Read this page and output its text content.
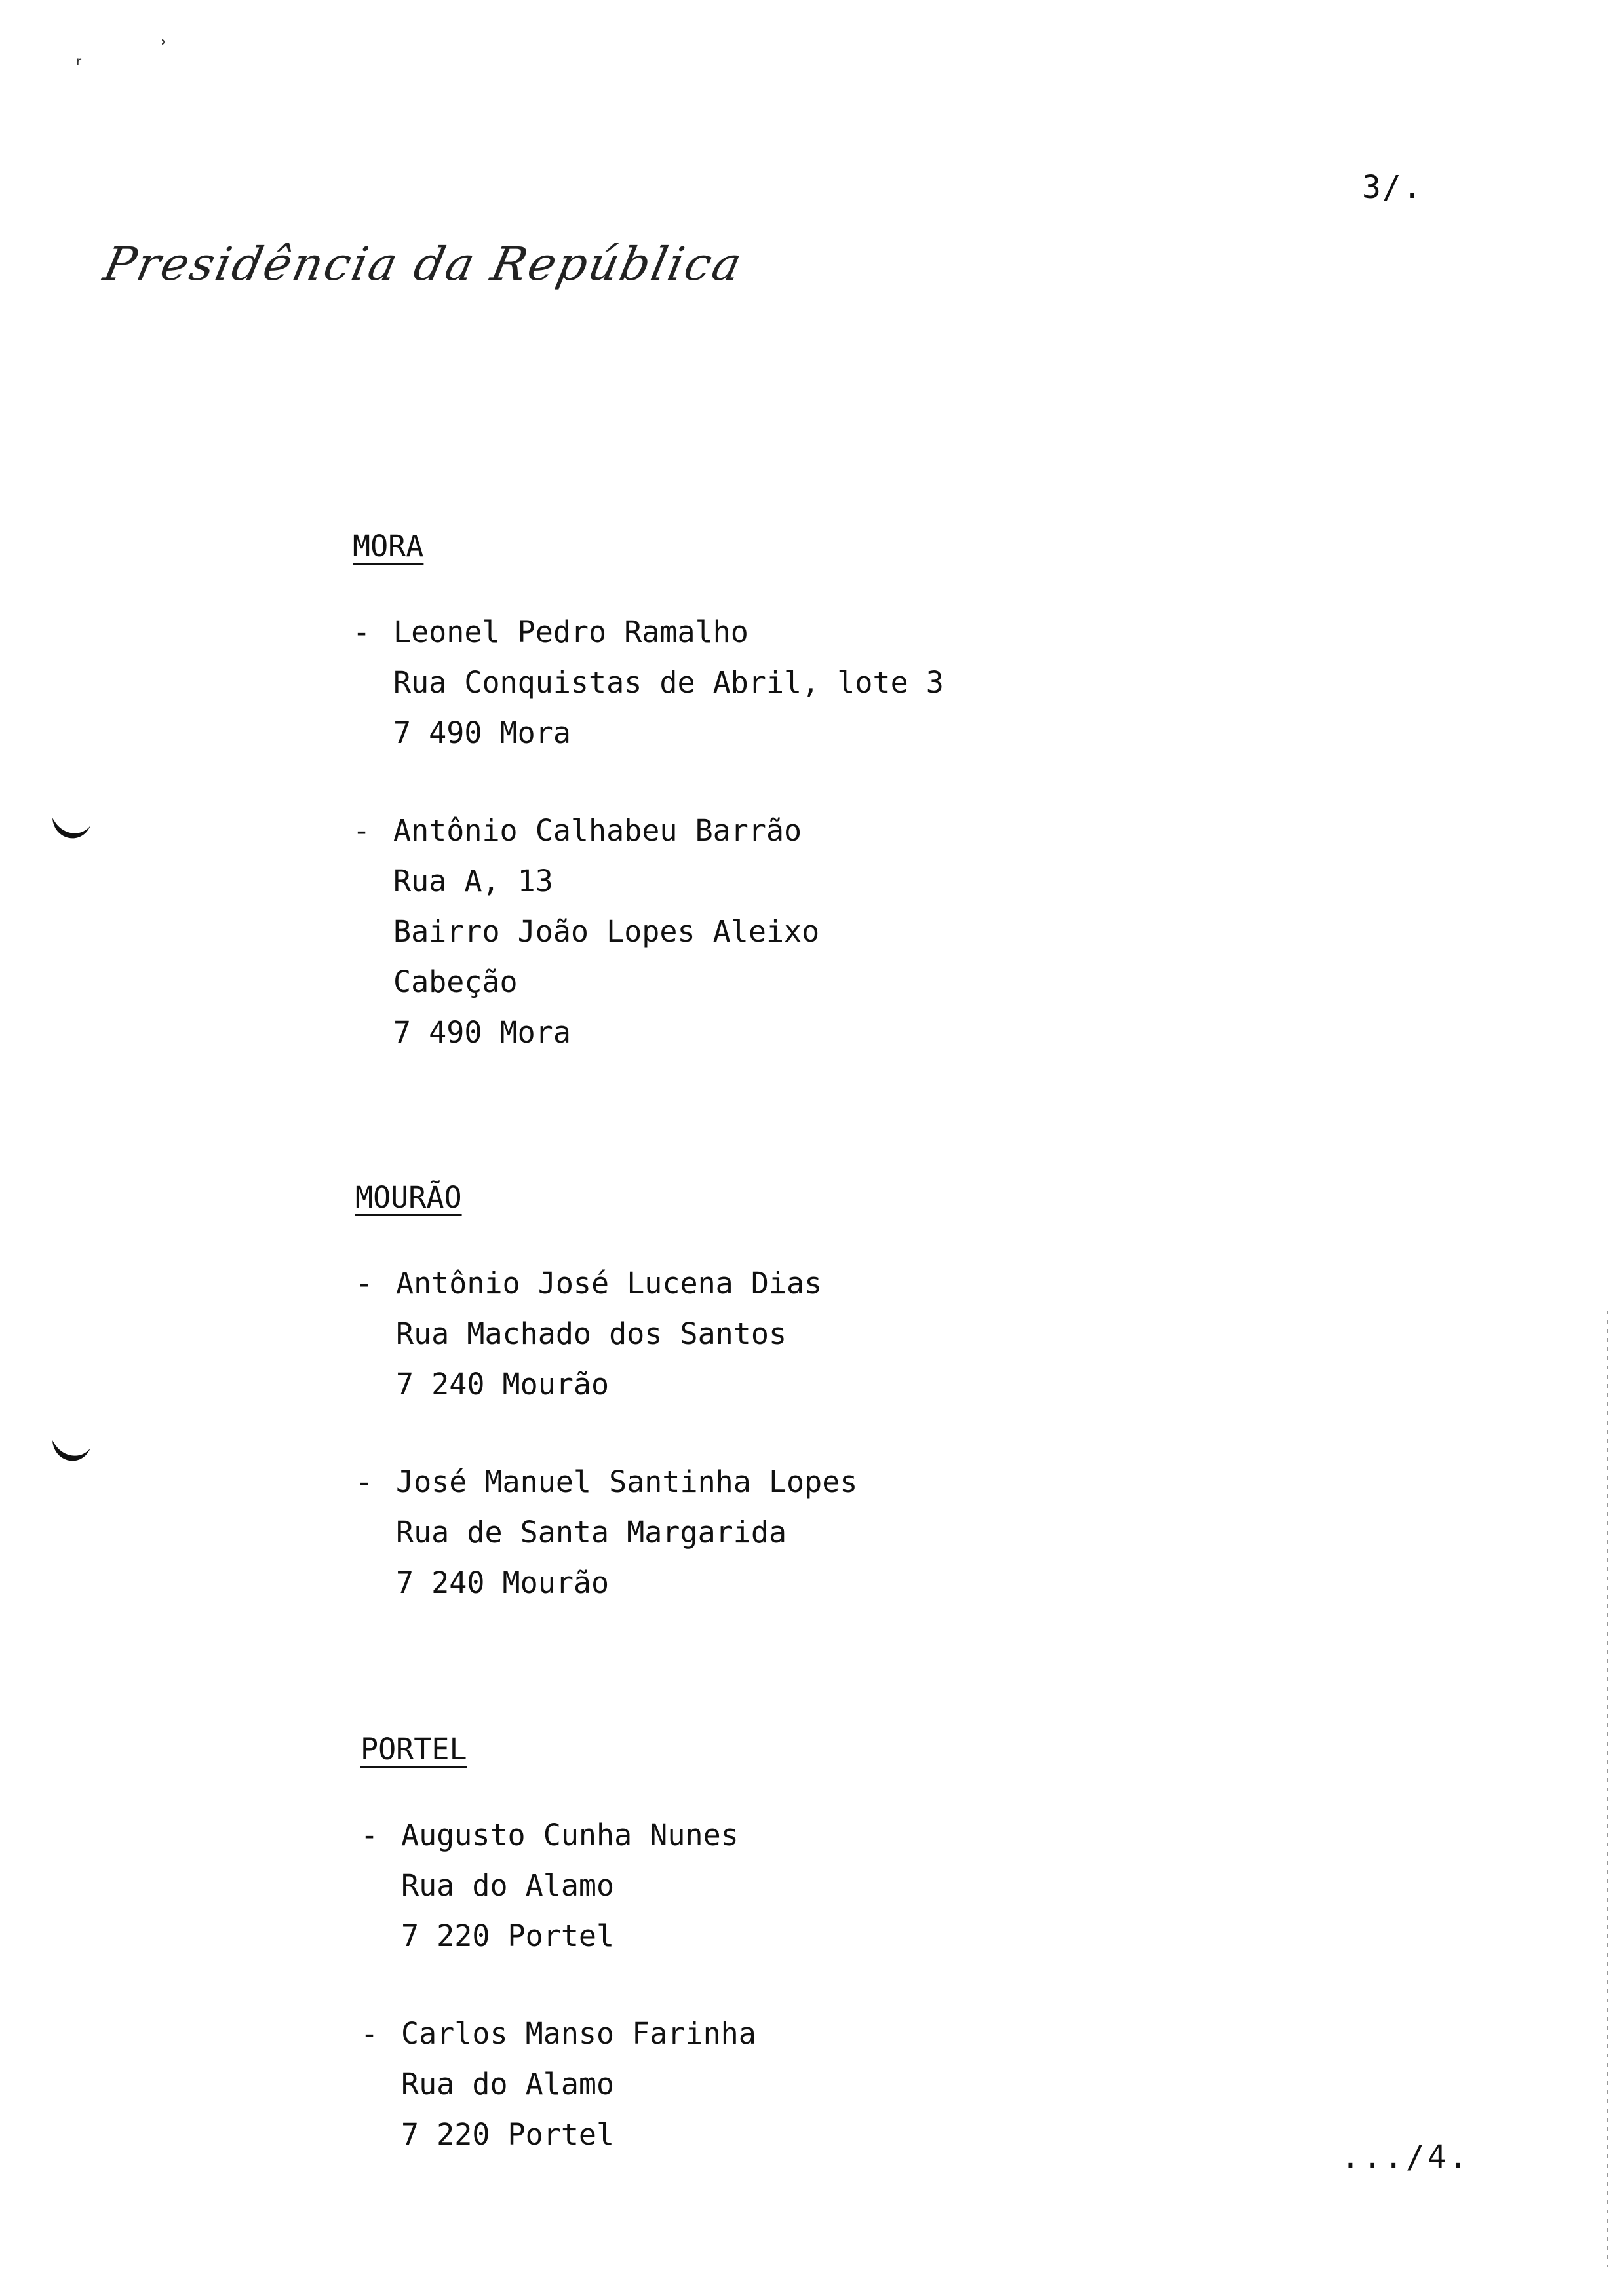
ᵣ	ʾ
3/.
Presidência da República
MORA
- Leonel Pedro Ramalho
Rua Conquistas de Abril, lote 3
7 490 Mora
- Antônio Calhabeu Barrão
Rua A, 13
Bairro João Lopes Aleixo
Cabeção
7 490 Mora
MOURÃO
- Antônio José Lucena Dias
Rua Machado dos Santos
7 240 Mourão
- José Manuel Santinha Lopes
Rua de Santa Margarida
7 240 Mourão
PORTEL
- Augusto Cunha Nunes
Rua do Alamo
7 220 Portel
- Carlos Manso Farinha
Rua do Alamo
7 220 Portel
.../4.
